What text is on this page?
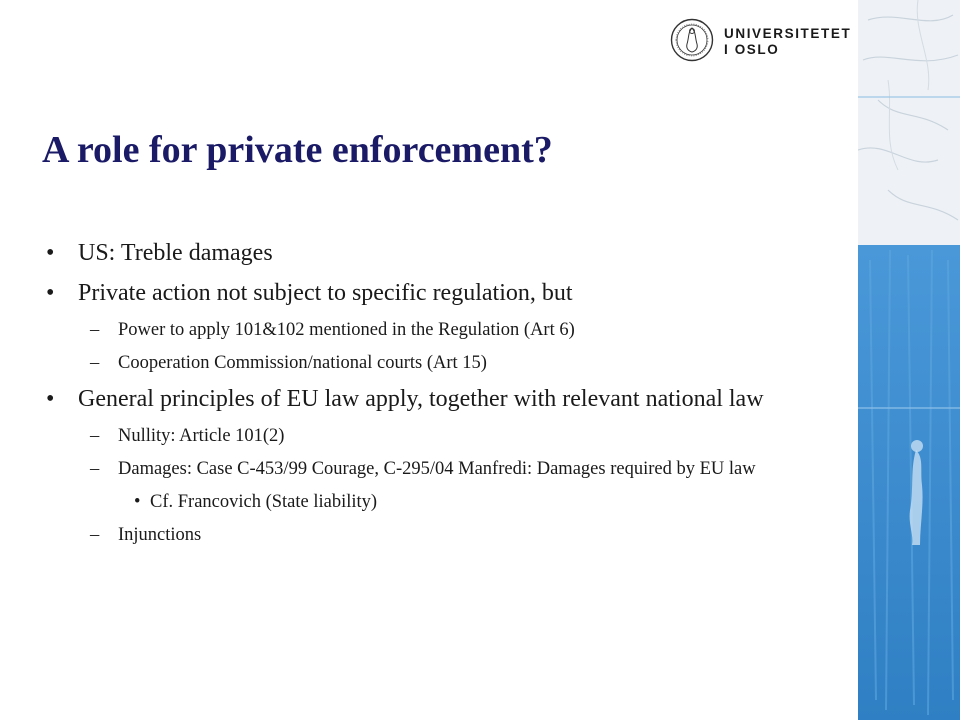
UNIVERSITETET
I OSLO
A role for private enforcement?
• US: Treble damages
• Private action not subject to specific regulation, but
– Power to apply 101&102 mentioned in the Regulation (Art 6)
– Cooperation Commission/national courts (Art 15)
• General principles of EU law apply, together with relevant national law
– Nullity: Article 101(2)
– Damages: Case C-453/99 Courage, C-295/04 Manfredi: Damages required by EU law
• Cf. Francovich (State liability)
– Injunctions
